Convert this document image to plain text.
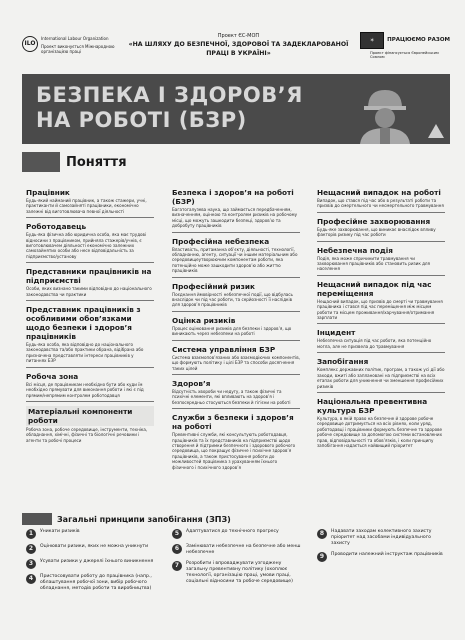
ILO
International Labour Organization
Проект виконується Міжнародною організацією праці
Проект ЄС-МОП
«НА ШЛЯХУ ДО БЕЗПЕЧНОЇ, ЗДОРОВОЇ ТА ЗАДЕКЛАРОВАНОЇ ПРАЦІ В УКРАЇНІ»
✶	ПРАЦЮЄМО РАЗОМ
Проект фінансується Європейським Союзом
БЕЗПЕКА І ЗДОРОВ’Я
НА РОБОТІ (БЗР)
Поняття
Працівник
Будь-який найманий працівник, а також стажери, учні, практиканти й самозайняті працівники, економічно залежні від виготовлювача певної діяльності
Роботодавець
Будь-яка фізична або юридична особа, яка має трудові відносини з працівником, прийняла стажерів/учнів, є виготовлювачем діяльності економічно залежних самозайнятих особи або несе відповідальність за підприємство/установу
Представники працівників на підприємстві
Особи, яких визнано такими відповідно до національного законодавства чи практики
Представник працівників з особливими обов’язками щодо безпеки і здоров’я працівників
Будь-яка особа, яка відповідно до національного законодавства та/або практики обрана, відібрана або призначена представляти інтереси працівників у питаннях БЗР
Робоча зона
Всі місця, де працівникам необхідно бути або куди їм необхідно прямувати для виконання роботи і які є під прямим/непрямим контролем роботодавця
Матеріальні компоненти роботи
Робоча зона, робоче середовище, інструменти, техніка, обладнання, хімічні, фізичні та біологічні речовини і агенти та робочі процеси
Безпека і здоров’я на роботі (БЗР)
Багатогалузева наука, що займається передбаченням, визначенням, оцінкою та контролем ризиків на робочому місці, що можуть зашкодити безпеці, здоров’ю та добробуту працівників
Професійна небезпека
Властивість, притаманна об’єкту, діяльності, технології, обладнанню, агенту, ситуації чи іншим матеріальним або середовищеутворюючим компонентам роботи, яка потенційно може зашкодити здоров’ю або життю працівників
Професійний ризик
Поєднання ймовірності небезпечної події, що відбулась внаслідок чи під час роботи, та серйозності її наслідків для здоров’я працівників
Оцінка ризиків
Процес оцінювання ризиків для безпеки і здоров’я, що виникають через небезпеки на роботі
Система управління БЗР
Система взаємопов’язаних або взаємодіючих компонентів, що формують політику і цілі БЗР та способи досягнення таких цілей
Здоров’я
Відсутність хвороби чи недугу, а також фізичні та психічні елементи, які впливають на здоров’я і безпосередньо стосуються безпеки й гігієни на роботі
Служби з безпеки і здоров’я на роботі
Превентивні служби, які консультують роботодавця, працівників та їх представників на підприємстві щодо створення й підтримки безпечного і здорового робочого середовища, що покращує фізичне і психічне здоров’я працівників, а також пристосування роботи до можливостей працівника з урахуванням їхнього фізичного і психічного здоров’я
Нещасний випадок на роботі
Випадок, що стався під час або в результаті роботи та призвів до смертельного чи несмертельного травмування
Професійне захворювання
Будь-яке захворювання, що виникає внаслідок впливу факторів ризику під час роботи
Небезпечна подія
Подія, яка може спричинити травмування чи захворювання працівників або становить ризик для населення
Нещасний випадок під час переміщення
Нещасний випадок, що призвів до смерті чи травмування працівника і стався під час переміщення між місцем роботи та місцем проживання/харчування/отримання зарплати
Інцидент
Небезпечна ситуація під час роботи, яка потенційно могла, але не призвела до травмування
Запобігання
Комплекс державних політик, програм, а також усі дії або заходи, вжиті або заплановані на підприємстві на всіх етапах роботи для уникнення чи зменшення професійних ризиків
Національна превентивна культура БЗР
Культура, в якій право на безпечне й здорове робоче середовище дотримується на всіх рівнях, коли уряд, роботодавці і працівники формують безпечне та здорове робоче середовище за допомогою системи встановлених прав, відповідальності та обов’язків, і коли принципу запобігання надається найвищий пріоритет
Загальні принципи запобігання (ЗПЗ)
1	Уникати ризиків
2	Оцінювати ризики, яких не можна уникнути
3	Усувати ризики у джерелі їхнього виникнення
4	Пристосовувати роботу до працівника (напр., облаштування робочої зони, вибір робочого обладнання, методів роботи та виробництва)
5	Адаптуватися до технічного прогресу
6	Замінювати небезпечне на безпечне або менш небезпечне
7	Розробити і впроваджувати узгоджену загальну превентивну політику (охоплює технології, організацію праці, умови праці, соціальні відносини та робоче середовище)
8	Надавати заходам колективного захисту пріоритет над засобами індивідуального захисту
9	Проводити належний інструктаж працівників
